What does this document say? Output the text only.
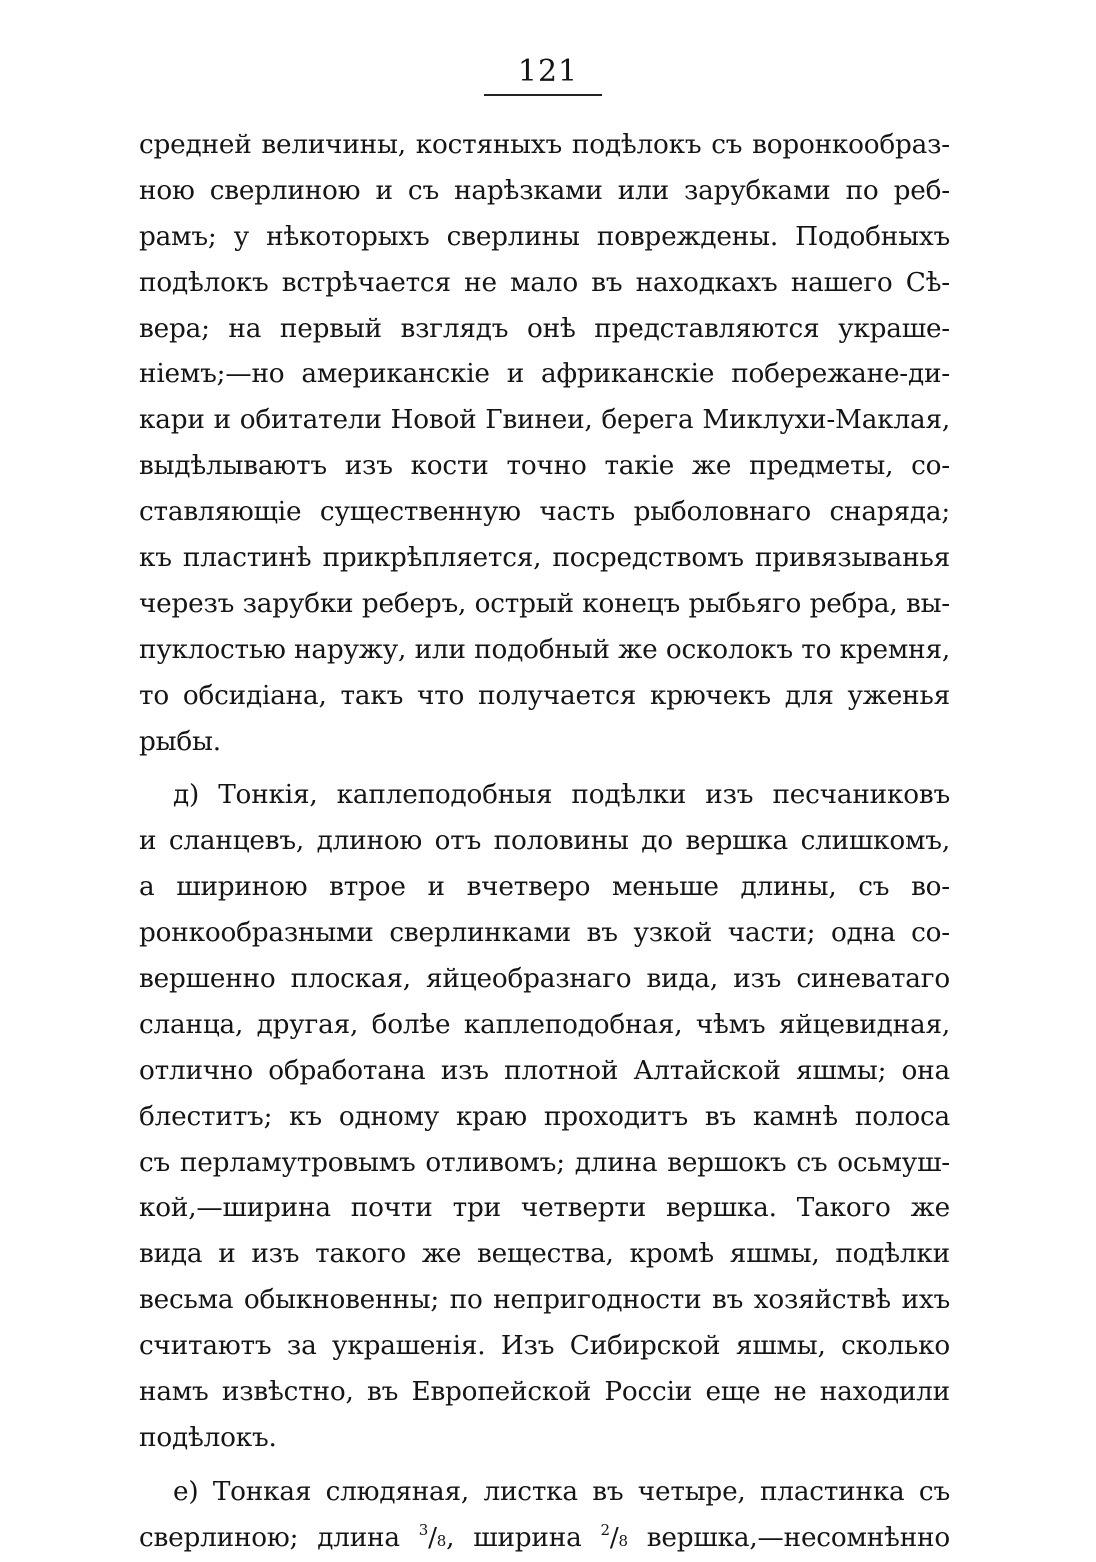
121

средней величины, костяныхъ подѣлокъ съ воронкообраз-
ною сверлиною и съ нарѣзками или зарубками по реб-
рамъ; у нѣкоторыхъ сверлины повреждены. Подобныхъ
подѣлокъ встрѣчается не мало въ находкахъ нашего Сѣ-
вера; на первый взглядъ онѣ представляются украше-
ніемъ;—но американскіе и африканскіе побережане-ди-
кари и обитатели Новой Гвинеи, берега Миклухи-Маклая,
выдѣлываютъ изъ кости точно такіе же предметы, со-
ставляющіе существенную часть рыболовнаго снаряда;
къ пластинѣ прикрѣпляется, посредствомъ привязыванья
черезъ зарубки реберъ, острый конецъ рыбьяго ребра, вы-
пуклостью наружу, или подобный же осколокъ то кремня,
то обсидіана, такъ что получается крючекъ для уженья
рыбы.

д) Тонкія, каплеподобныя подѣлки изъ песчаниковъ
и сланцевъ, длиною отъ половины до вершка слишкомъ,
а шириною втрое и вчетверо меньше длины, съ во-
ронкообразными сверлинками въ узкой части; одна со-
вершенно плоская, яйцеобразнаго вида, изъ синеватаго
сланца, другая, болѣе каплеподобная, чѣмъ яйцевидная,
отлично обработана изъ плотной Алтайской яшмы; она
блеститъ; къ одному краю проходитъ въ камнѣ полоса
съ перламутровымъ отливомъ; длина вершокъ съ осьмуш-
кой,—ширина почти три четверти вершка. Такого же
вида и изъ такого же вещества, кромѣ яшмы, подѣлки
весьма обыкновенны; по непригодности въ хозяйствѣ ихъ
считаютъ за украшенія. Изъ Сибирской яшмы, сколько
намъ извѣстно, въ Европейской Россіи еще не находили
подѣлокъ.

е) Тонкая слюдяная, листка въ четыре, пластинка съ
сверлиною; длина $^3$/8, ширина $^2$/8 вершка,—несомнѣнно
